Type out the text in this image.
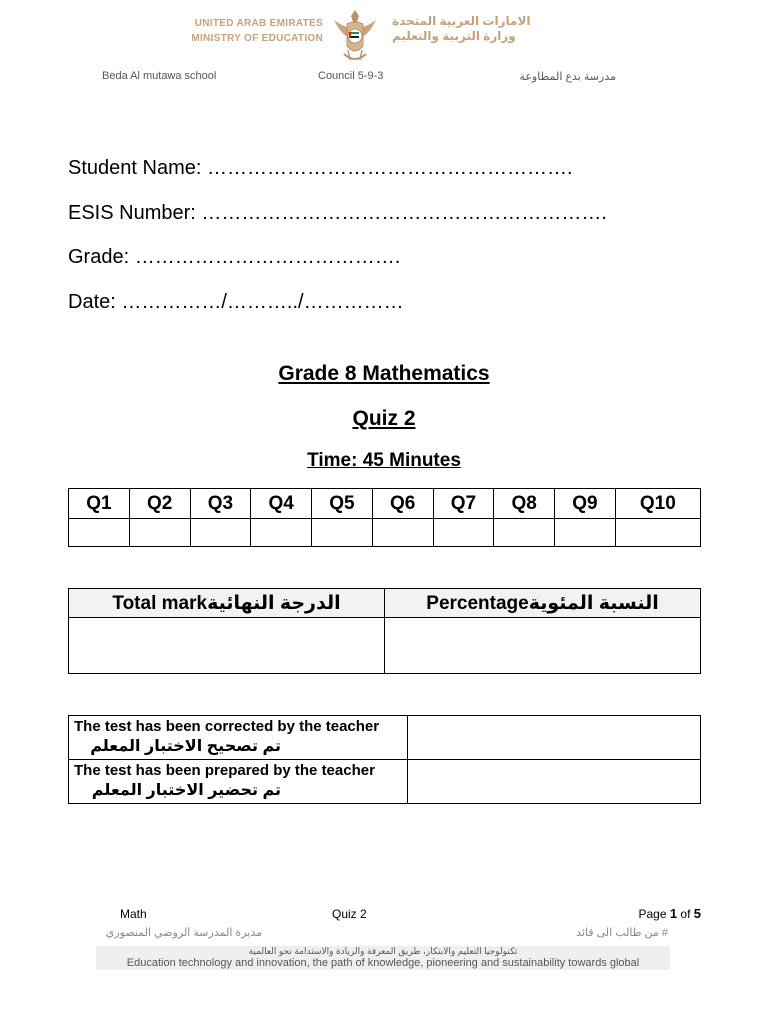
UNITED ARAB EMIRATES
MINISTRY OF EDUCATION
الامارات العربية المتحدة
وزارة التربية والتعليم
Beda Al mutawa school	Council 5-9-3	مدرسة بدع المطاوعة
Student Name: ……………………………………………….
ESIS Number: …………………………………………………….
Grade: ………………………………….
Date: ……………/………../……………
Grade 8 Mathematics
Quiz 2
Time: 45 Minutes
Q1	Q2	Q3	Q4	Q5	Q6	Q7	Q8	Q9	Q10

Total markالدرجة النهائية	Percentageالنسبة المئوية

The test has been corrected by the teacher
تم تصحيح الاختبار المعلم	

The test has been prepared by the teacher
تم تحضير الاختبار المعلم	

Math	Quiz 2	Page 1 of 5
مديرة المدرسة الروضي المنصوري	# من طالب الى قائد
تكنولوجيا التعليم والابتكار، طريق المعرفة والريادة والاستدامة نحو العالمية
Education technology and innovation, the path of knowledge, pioneering and sustainability towards global
